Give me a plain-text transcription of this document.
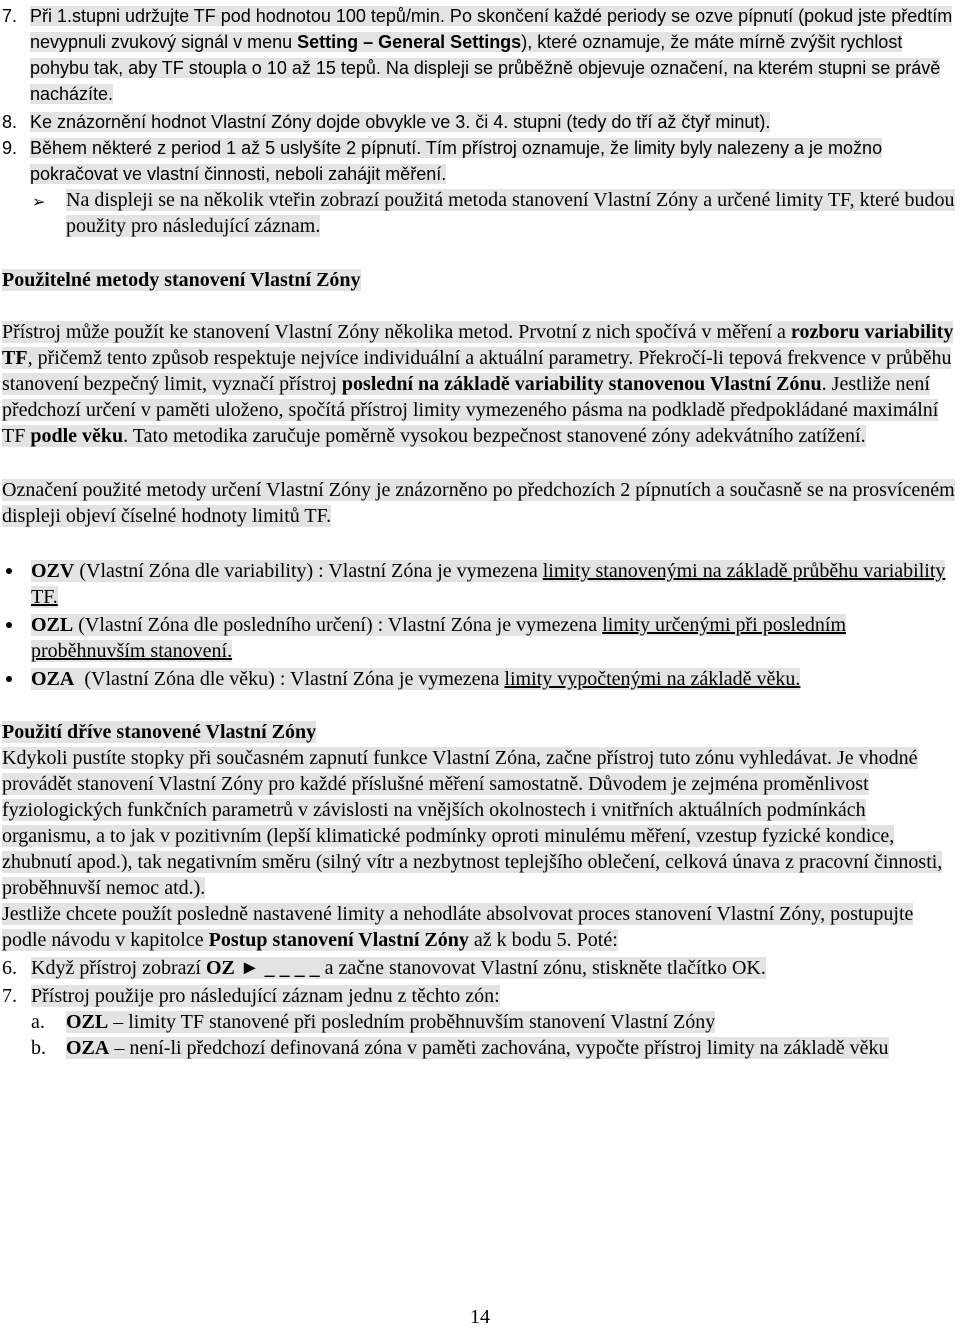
7. Při 1.stupni udržujte TF pod hodnotou 100 tepů/min. Po skončení každé periody se ozve pípnutí (pokud jste předtím nevypnuli zvukový signál v menu Setting – General Settings), které oznamuje, že máte mírně zvýšit rychlost pohybu tak, aby TF stoupla o 10 až 15 tepů. Na displeji se průběžně objevuje označení, na kterém stupni se právě nacházíte.
8. Ke znázornění hodnot Vlastní Zóny dojde obvykle ve 3. či 4. stupni (tedy do tří až čtyř minut).
9. Během některé z period 1 až 5 uslyšíte 2 pípnutí. Tím přístroj oznamuje, že limity byly nalezeny a je možno pokračovat ve vlastní činnosti, neboli zahájit měření.
➢ Na displeji se na několik vteřin zobrazí použitá metoda stanovení Vlastní Zóny a určené limity TF, které budou použity pro následující záznam.
Použitelné metody stanovení Vlastní Zóny
Přístroj může použít ke stanovení Vlastní Zóny několika metod. Prvotní z nich spočívá v měření a rozboru variability TF, přičemž tento způsob respektuje nejvíce individuální a aktuální parametry. Překročí-li tepová frekvence v průběhu stanovení bezpečný limit, vyznačí přístroj poslední na základě variability stanovenou Vlastní Zónu. Jestliže není předchozí určení v paměti uloženo, spočítá přístroj limity vymezeného pásma na podkladě předpokládané maximální TF podle věku. Tato metodika zaručuje poměrně vysokou bezpečnost stanovené zóny adekvátního zatížení.
Označení použité metody určení Vlastní Zóny je znázorněno po předchozích 2 pípnutích a současně se na prosvíceném displeji objeví číselné hodnoty limitů TF.
OZV (Vlastní Zóna dle variability) : Vlastní Zóna je vymezena limity stanovenými na základě průběhu variability TF.
OZL (Vlastní Zóna dle posledního určení) : Vlastní Zóna je vymezena limity určenými při posledním proběhnuvším stanovení.
OZA  (Vlastní Zóna dle věku) : Vlastní Zóna je vymezena limity vypočtenými na základě věku.
Použití dříve stanovené Vlastní Zóny
Kdykoli pustíte stopky při současném zapnutí funkce Vlastní Zóna, začne přístroj tuto zónu vyhledávat. Je vhodné provádět stanovení Vlastní Zóny pro každé příslušné měření samostatně. Důvodem je zejména proměnlivost fyziologických funkčních parametrů v závislosti na vnějších okolnostech i vnitřních aktuálních podmínkách organismu, a to jak v pozitivním (lepší klimatické podmínky oproti minulému měření, vzestup fyzické kondice, zhubnutí apod.), tak negativním směru (silný vítr a nezbytnost teplejšího oblečení, celková únava z pracovní činnosti, proběhnuvší nemoc atd.).
Jestliže chcete použít posledně nastavené limity a nehodláte absolvovat proces stanovení Vlastní Zóny, postupujte podle návodu v kapitolce Postup stanovení Vlastní Zóny až k bodu 5. Poté:
6. Když přístroj zobrazí OZ ► _ _ _ _ a začne stanovovat Vlastní zónu, stiskněte tlačítko OK.
7. Přístroj použije pro následující záznam jednu z těchto zón:
a. OZL – limity TF stanovené při posledním proběhnuvším stanovení Vlastní Zóny
b. OZA – není-li předchozí definovaná zóna v paměti zachována, vypočte přístroj limity na základě věku
14
